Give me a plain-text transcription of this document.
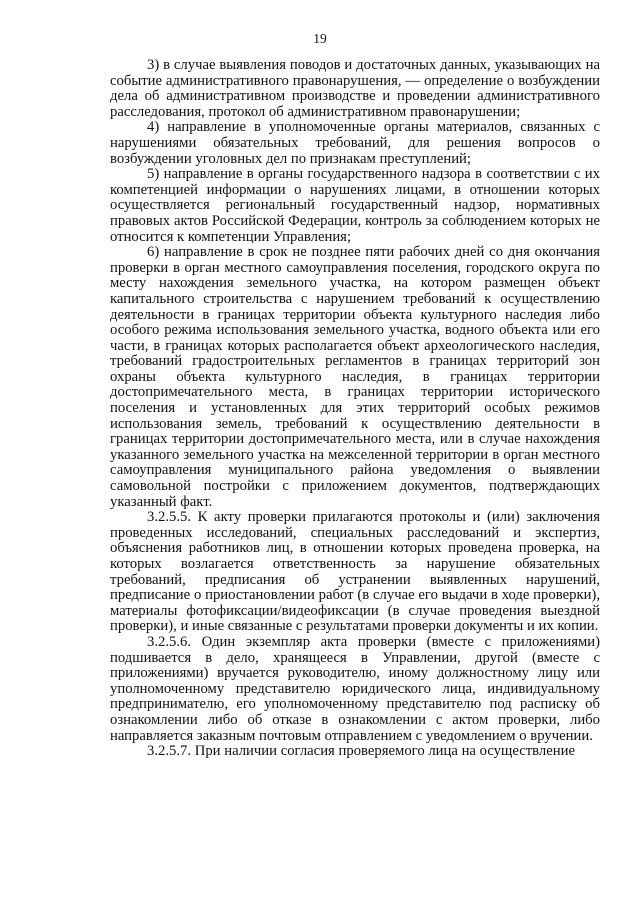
19

3) в случае выявления поводов и достаточных данных, указывающих на событие административного правонарушения, — определение о возбуждении дела об административном производстве и проведении административного расследования, протокол об административном правонарушении;

4) направление в уполномоченные органы материалов, связанных с нарушениями обязательных требований, для решения вопросов о возбуждении уголовных дел по признакам преступлений;

5) направление в органы государственного надзора в соответствии с их компетенцией информации о нарушениях лицами, в отношении которых осуществляется региональный государственный надзор, нормативных правовых актов Российской Федерации, контроль за соблюдением которых не относится к компетенции Управления;

6) направление в срок не позднее пяти рабочих дней со дня окончания проверки в орган местного самоуправления поселения, городского округа по месту нахождения земельного участка, на котором размещен объект капитального строительства с нарушением требований к осуществлению деятельности в границах территории объекта культурного наследия либо особого режима использования земельного участка, водного объекта или его части, в границах которых располагается объект археологического наследия, требований градостроительных регламентов в границах территорий зон охраны объекта культурного наследия, в границах территории достопримечательного места, в границах территории исторического поселения и установленных для этих территорий особых режимов использования земель, требований к осуществлению деятельности в границах территории достопримечательного места, или в случае нахождения указанного земельного участка на межселенной территории в орган местного самоуправления муниципального района уведомления о выявлении самовольной постройки с приложением документов, подтверждающих указанный факт.

3.2.5.5. К акту проверки прилагаются протоколы и (или) заключения проведенных исследований, специальных расследований и экспертиз, объяснения работников лиц, в отношении которых проведена проверка, на которых возлагается ответственность за нарушение обязательных требований, предписания об устранении выявленных нарушений, предписание о приостановлении работ (в случае его выдачи в ходе проверки), материалы фотофиксации/видеофиксации (в случае проведения выездной проверки), и иные связанные с результатами проверки документы и их копии.

3.2.5.6. Один экземпляр акта проверки (вместе с приложениями) подшивается в дело, хранящееся в Управлении, другой (вместе с приложениями) вручается руководителю, иному должностному лицу или уполномоченному представителю юридического лица, индивидуальному предпринимателю, его уполномоченному представителю под расписку об ознакомлении либо об отказе в ознакомлении с актом проверки, либо направляется заказным почтовым отправлением с уведомлением о вручении.

3.2.5.7. При наличии согласия проверяемого лица на осуществление
